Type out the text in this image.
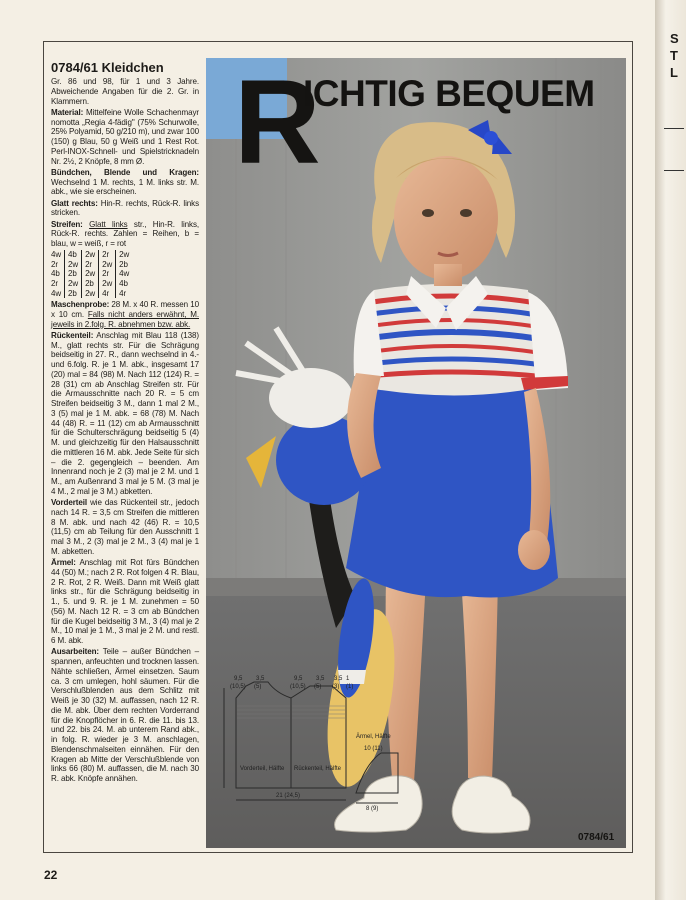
S
T
L
0784/61 Kleidchen

Gr. 86 und 98, für 1 und 3 Jahre. Abweichende Angaben für die 2. Gr. in Klammern.

Material: Mittelfeine Wolle Schachenmayr nomotta „Regia 4-fädig" (75% Schurwolle, 25% Polyamid, 50 g/210 m), und zwar 100 (150) g Blau, 50 g Weiß und 1 Rest Rot. Perl-INOX-Schnell- und Spielstricknadeln Nr. 2½, 2 Knöpfe, 8 mm Ø.

Bündchen, Blende und Kragen: Wechselnd 1 M. rechts, 1 M. links str. M. abk., wie sie erscheinen.

Glatt rechts: Hin-R. rechts, Rück-R. links stricken.

Streifen: Glatt links str., Hin-R. links, Rück-R. rechts. Zahlen = Reihen, b = blau, w = weiß, r = rot

4w	4b	2w	2r	2w
2r	2w	2r	2w	2b
4b	2b	2w	2r	4w
2r	2w	2b	2w	4b
4w	2b	2w	4r	4r

Maschenprobe: 28 M. x 40 R. messen 10 x 10 cm. Falls nicht anders erwähnt, M. jeweils in 2.folg. R. abnehmen bzw. abk.

Rückenteil: Anschlag mit Blau 118 (138) M., glatt rechts str. Für die Schrägung beidseitig in 27. R., dann wechselnd in 4.- und 6.folg. R. je 1 M. abk., insgesamt 17 (20) mal = 84 (98) M. Nach 112 (124) R. = 28 (31) cm ab Anschlag Streifen str. Für die Armausschnitte nach 20 R. = 5 cm Streifen beidseitig 3 M., dann 1 mal 2 M., 3 (5) mal je 1 M. abk. = 68 (78) M. Nach 44 (48) R. = 11 (12) cm ab Armausschnitt für die Schulterschrägung beidseitig 5 (4) M. und gleichzeitig für den Halsausschnitt die mittleren 16 M. abk. Jede Seite für sich – die 2. gegengleich – beenden. Am Innenrand noch je 2 (3) mal je 2 M. und 1 M., am Außenrand 3 mal je 5 M. (3 mal je 4 M., 2 mal je 3 M.) abketten.

Vorderteil wie das Rückenteil str., jedoch nach 14 R. = 3,5 cm Streifen die mittleren 8 M. abk. und nach 42 (46) R. = 10,5 (11,5) cm ab Teilung für den Ausschnitt 1 mal 3 M., 2 (3) mal je 2 M., 3 (4) mal je 1 M. abketten.

Ärmel: Anschlag mit Rot fürs Bündchen 44 (50) M.; nach 2 R. Rot folgen 4 R. Blau, 2 R. Rot, 2 R. Weiß. Dann mit Weiß glatt links str., für die Schrägung beidseitig in 1., 5. und 9. R. je 1 M. zunehmen = 50 (56) M. Nach 12 R. = 3 cm ab Bündchen für die Kugel beidseitig 3 M., 3 (4) mal je 2 M., 10 mal je 1 M., 3 mal je 2 M. und restl. 6 M. abk.

Ausarbeiten: Teile – außer Bündchen – spannen, anfeuchten und trocknen lassen. Nähte schließen, Ärmel einsetzen. Saum ca. 3 cm umlegen, hohl säumen. Für die Verschlußblenden aus dem Schlitz mit Weiß je 30 (32) M. auffassen, nach 12 R. die M. abk. Über dem rechten Vorderrand für die Knopflöcher in 6. R. die 11. bis 13. und 22. bis 24. M. ab unterem Rand abk., in folg. R. wieder je 3 M. anschlagen, Blendenschmalseiten einnähen. Für den Kragen ab Mitte der Verschlußblende von links 66 (80) M. auffassen, die M. nach 30 R. abk. Knöpfe annähen.

9,5 3,5	9,5 3,5 3,5 1
(10,5) (5)	(10,5) (5) (3) (1)
Vorderteil, Hälfte Rückenteil, Hälfte
Ärmel, Hälfte
21 (24,5)
8 (9)
10 (11)
R
ICHTIG BEQUEM
0784/61
22
